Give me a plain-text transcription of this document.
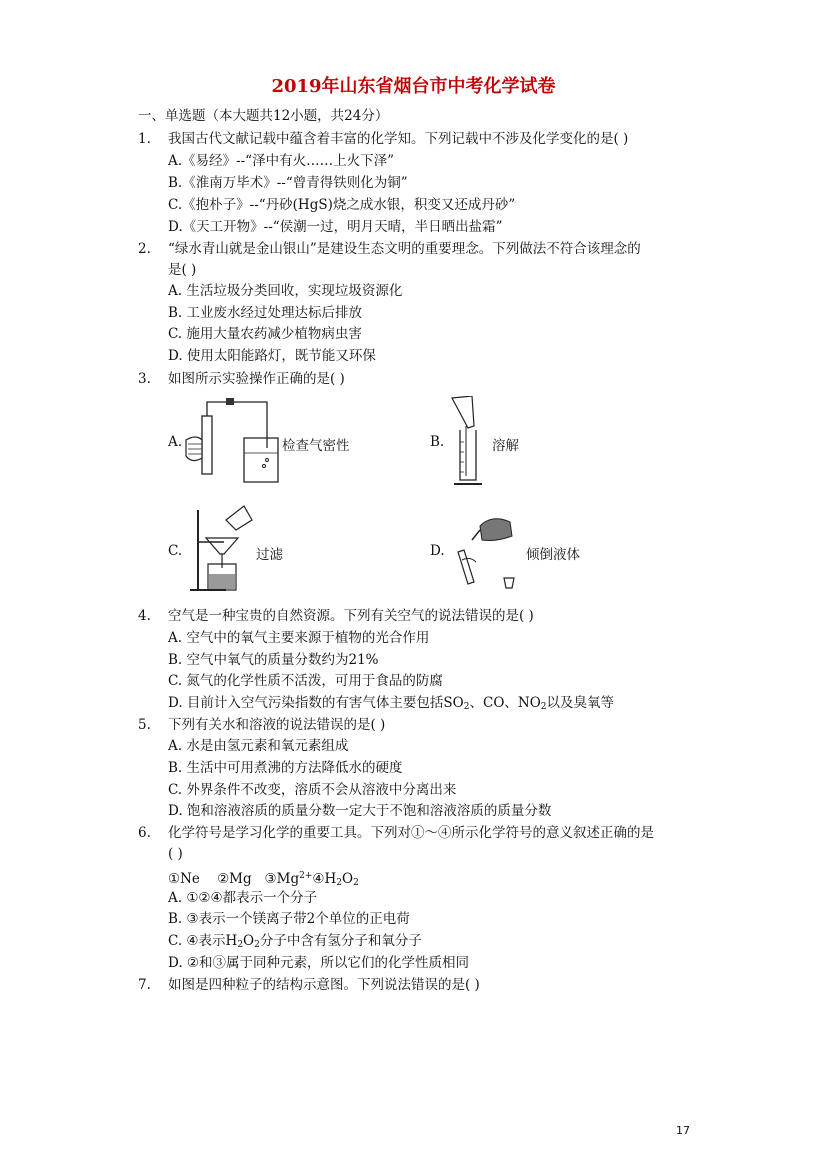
2019年山东省烟台市中考化学试卷
一、单选题（本大题共12小题，共24分）
1. 我国古代文献记载中蕴含着丰富的化学知。下列记载中不涉及化学变化的是( )
A.《易经》--“泽中有火……上火下泽”
B.《淮南万毕术》--“曾青得铁则化为铜”
C.《抱朴子》--“丹砂(HgS)烧之成水银，积变又还成丹砂”
D.《天工开物》--“侯潮一过，明月天晴，半日晒出盐霜”
2. “绿水青山就是金山银山”是建设生态文明的重要理念。下列做法不符合该理念的
是( )
A. 生活垃圾分类回收，实现垃圾资源化
B. 工业废水经过处理达标后排放
C. 施用大量农药减少植物病虫害
D. 使用太阳能路灯，既节能又环保
3. 如图所示实验操作正确的是( )
A.	检查气密性	B.	溶解
C.	过滤	D.	倾倒液体
4. 空气是一种宝贵的自然资源。下列有关空气的说法错误的是( )
A. 空气中的氧气主要来源于植物的光合作用
B. 空气中氧气的质量分数约为21%
C. 氮气的化学性质不活泼，可用于食品的防腐
D. 目前计入空气污染指数的有害气体主要包括$SO_2$、CO、$NO_2$以及臭氧等
5. 下列有关水和溶液的说法错误的是( )
A. 水是由氢元素和氧元素组成
B. 生活中可用煮沸的方法降低水的硬度
C. 外界条件不改变，溶质不会从溶液中分离出来
D. 饱和溶液溶质的质量分数一定大于不饱和溶液溶质的质量分数
6. 化学符号是学习化学的重要工具。下列对①～④所示化学符号的意义叙述正确的是
( )
①Ne ②Mg $③Mg^{2+}④H_2O_2$
A. ①②④都表示一个分子
B. ③表示一个镁离子带2个单位的正电荷
C. ④表示$H_2O_2$分子中含有氢分子和氧分子
D. ②和③属于同种元素，所以它们的化学性质相同
7. 如图是四种粒子的结构示意图。下列说法错误的是( )
17
